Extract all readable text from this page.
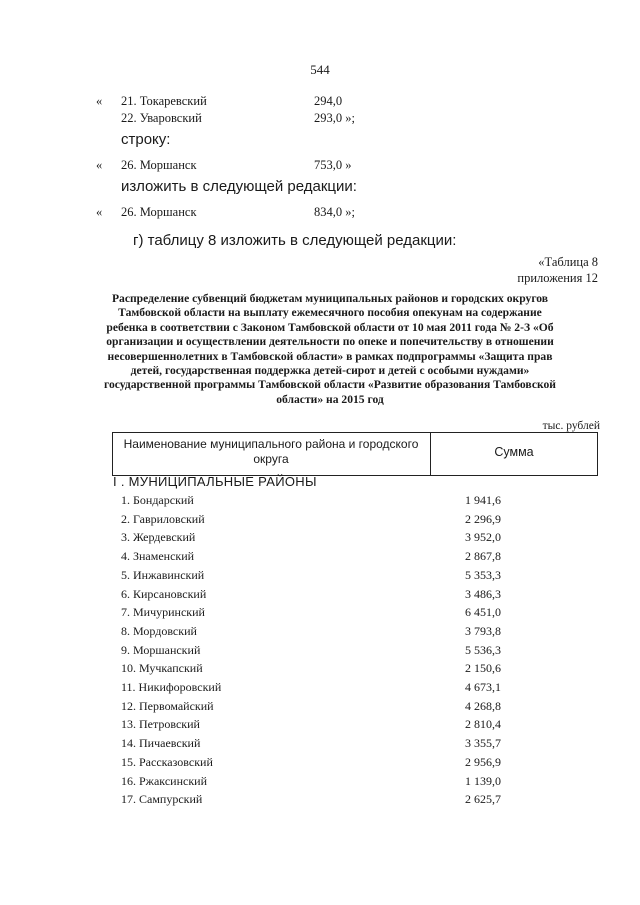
544
« 21. Токаревский	294,0
22. Уваровский	293,0 »;
строку:
« 26. Моршанск	753,0 »
изложить в следующей редакции:
« 26. Моршанск	834,0 »;
г) таблицу 8 изложить в следующей редакции:
«Таблица 8
приложения 12
Распределение субвенций бюджетам муниципальных районов и городских округов Тамбовской области на выплату ежемесячного пособия опекунам на содержание ребенка в соответствии с Законом Тамбовской области от 10 мая 2011 года № 2-З «Об организации и осуществлении деятельности по опеке и попечительству в отношении несовершеннолетних в Тамбовской области» в рамках подпрограммы «Защита прав детей, государственная поддержка детей-сирот и детей с особыми нуждами» государственной программы Тамбовской области «Развитие образования Тамбовской области» на 2015 год
тыс. рублей
Наименование муниципального района и городского округа	Сумма
I . МУНИЦИПАЛЬНЫЕ РАЙОНЫ
1. Бондарский	1 941,6
2. Гавриловский	2 296,9
3. Жердевский	3 952,0
4. Знаменский	2 867,8
5. Инжавинский	5 353,3
6. Кирсановский	3 486,3
7. Мичуринский	6 451,0
8. Мордовский	3 793,8
9. Моршанский	5 536,3
10. Мучкапский	2 150,6
11. Никифоровский	4 673,1
12. Первомайский	4 268,8
13. Петровский	2 810,4
14. Пичаевский	3 355,7
15. Рассказовский	2 956,9
16. Ржаксинский	1 139,0
17. Сампурский	2 625,7
